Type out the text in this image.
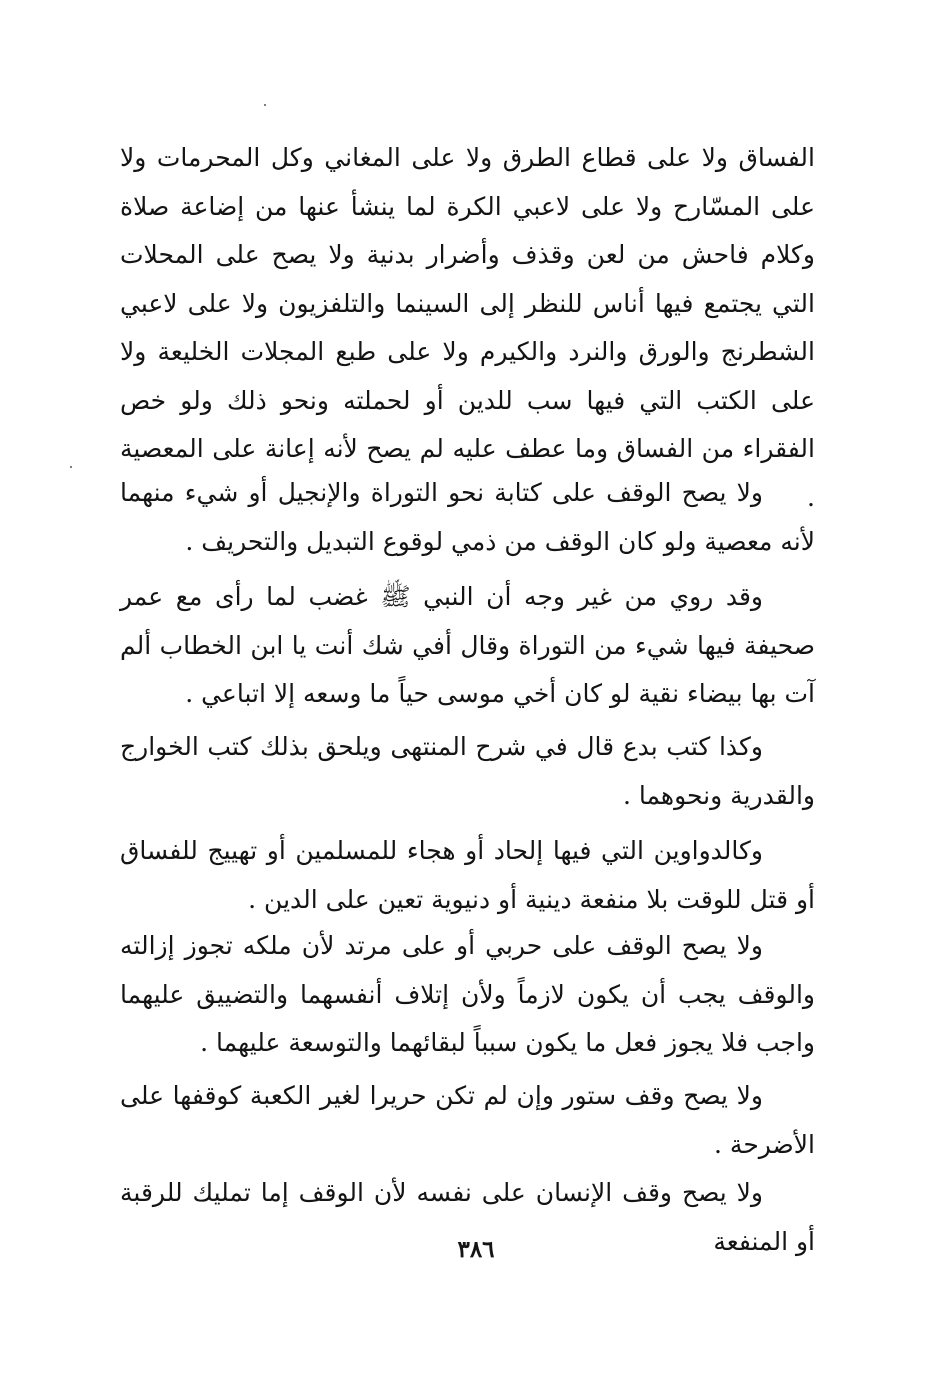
الفساق ولا على قطاع الطرق ولا على المغاني وكل المحرمات ولا على المسّارح ولا على لاعبي الكرة لما ينشأ عنها من إضاعة صلاة وكلام فاحش من لعن وقذف وأضرار بدنية ولا يصح على المحلات التي يجتمع فيها أناس للنظر إلى السينما والتلفزيون ولا على لاعبي الشطرنج والورق والنرد والكيرم ولا على طبع المجلات الخليعة ولا على الكتب التي فيها سب للدين أو لحملته ونحو ذلك ولو خص الفقراء من الفساق وما عطف عليه لم يصح لأنه إعانة على المعصية .

ولا يصح الوقف على كتابة نحو التوراة والإنجيل أو شيء منهما لأنه معصية ولو كان الوقف من ذمي لوقوع التبديل والتحريف .

وقد روي من غير وجه أن النبي ﷺ غضب لما رأى مع عمر صحيفة فيها شيء من التوراة وقال أفي شك أنت يا ابن الخطاب ألم آت بها بيضاء نقية لو كان أخي موسى حياً ما وسعه إلا اتباعي .

وكذا كتب بدع قال في شرح المنتهى ويلحق بذلك كتب الخوارج والقدرية ونحوهما .

وكالدواوين التي فيها إلحاد أو هجاء للمسلمين أو تهييج للفساق أو قتل للوقت بلا منفعة دينية أو دنيوية تعين على الدين .

ولا يصح الوقف على حربي أو على مرتد لأن ملكه تجوز إزالته والوقف يجب أن يكون لازماً ولأن إتلاف أنفسهما والتضييق عليهما واجب فلا يجوز فعل ما يكون سبباً لبقائهما والتوسعة عليهما .

ولا يصح وقف ستور وإن لم تكن حريرا لغير الكعبة كوقفها على الأضرحة .

ولا يصح وقف الإنسان على نفسه لأن الوقف إما تمليك للرقبة أو المنفعة

٣٨٦
